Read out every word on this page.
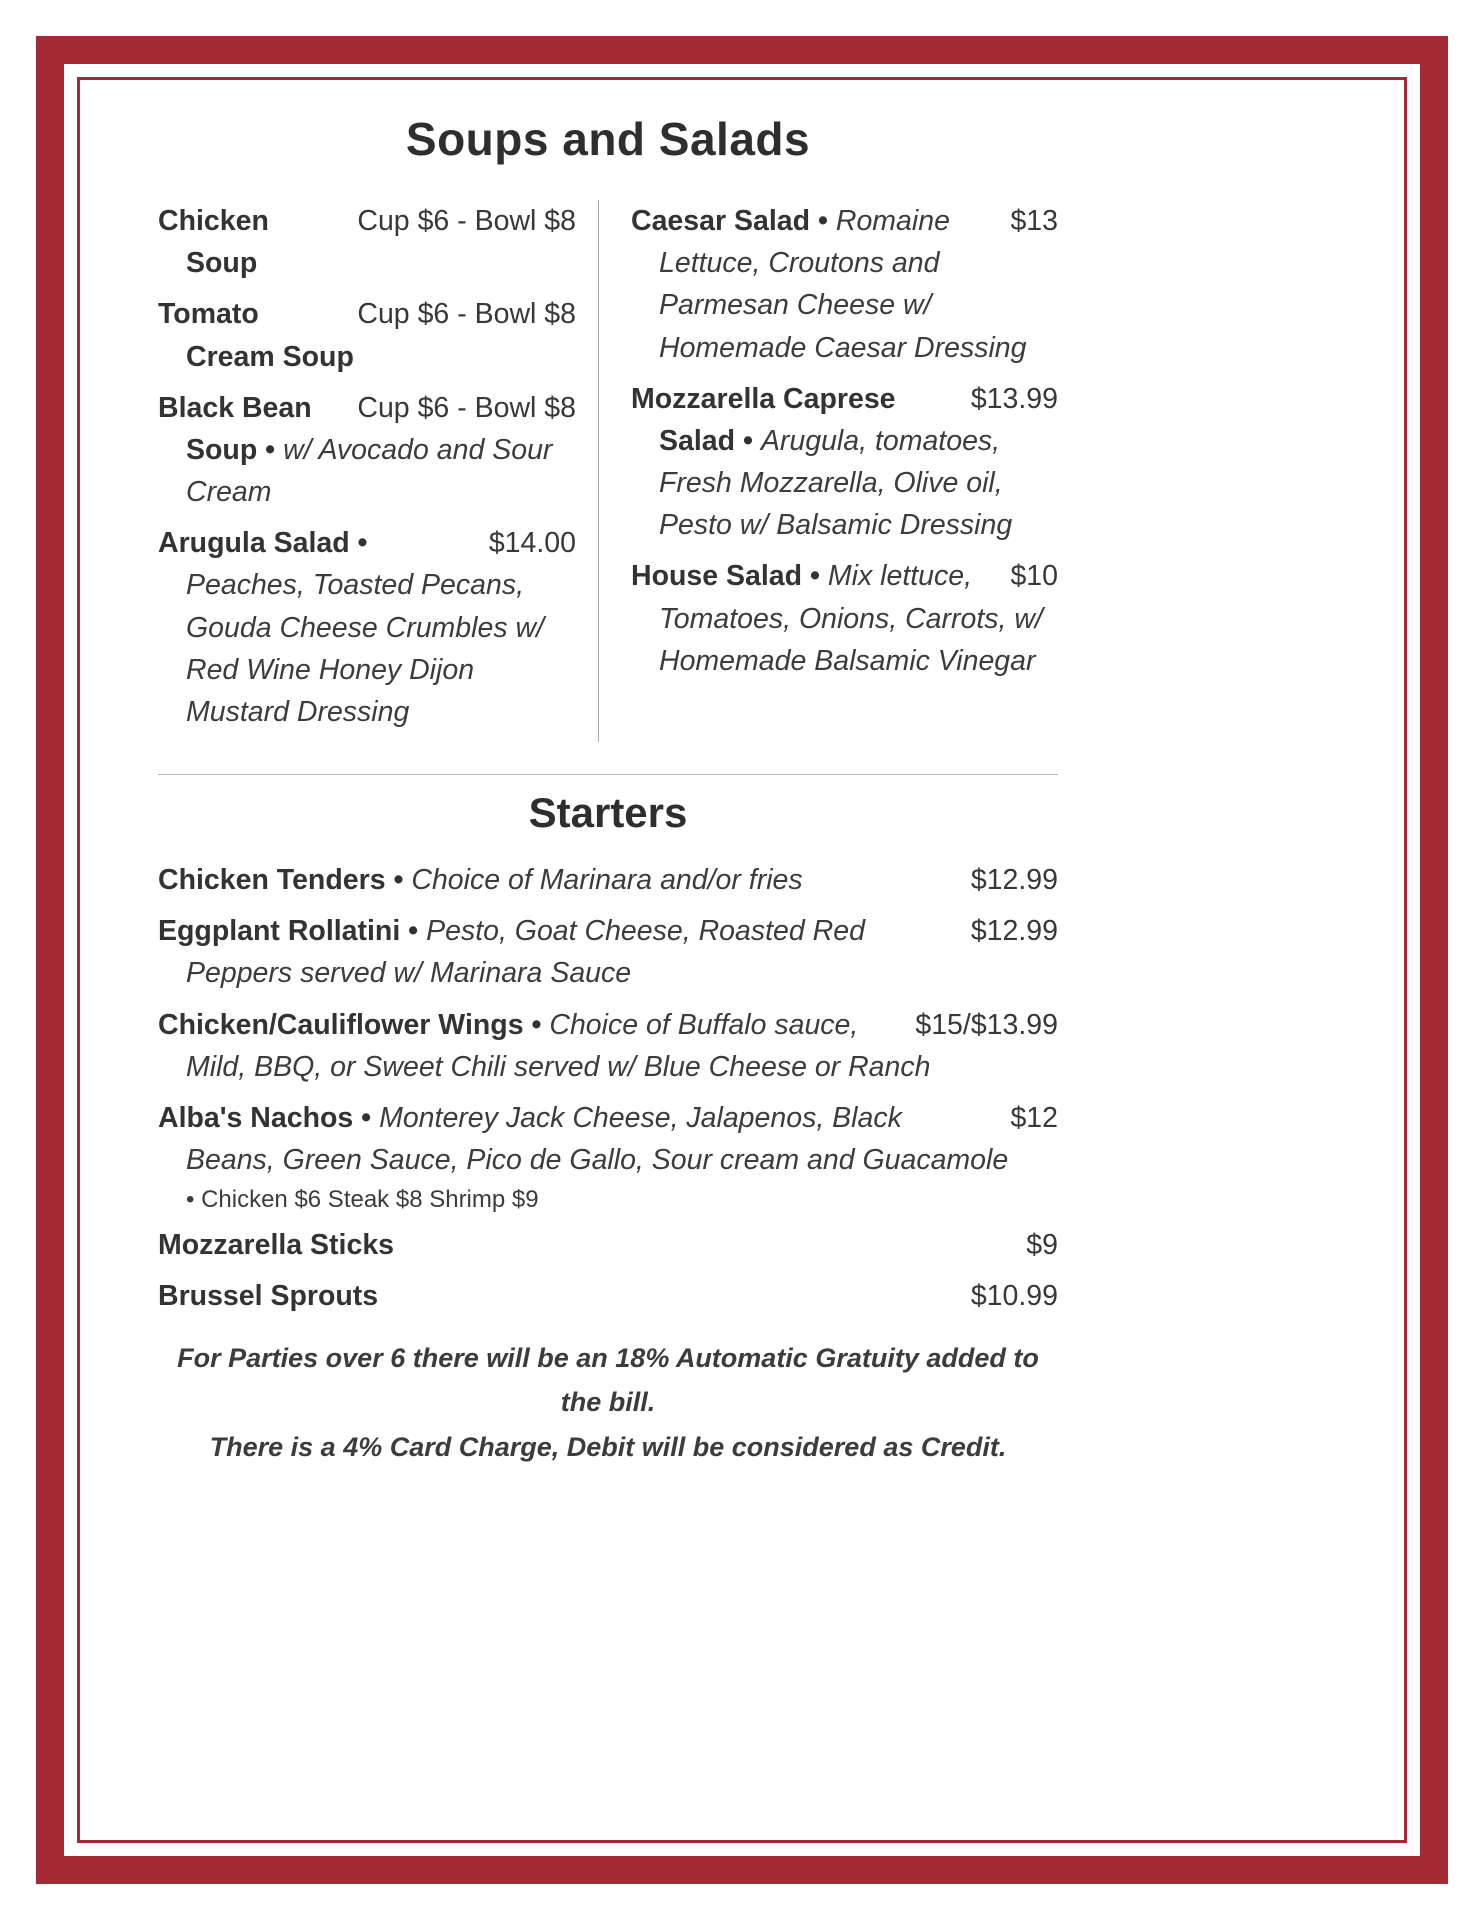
Soups and Salads

Cup $6 - Bowl $8
Chicken Soup

Cup $6 - Bowl $8
Tomato Cream Soup

Cup $6 - Bowl $8
Black Bean Soup • w/ Avocado and Sour Cream

$14.00
Arugula Salad • Peaches, Toasted Pecans, Gouda Cheese Crumbles w/ Red Wine Honey Dijon Mustard Dressing

$13
Caesar Salad • Romaine Lettuce, Croutons and Parmesan Cheese w/ Homemade Caesar Dressing

$13.99
Mozzarella Caprese Salad • Arugula, tomatoes, Fresh Mozzarella, Olive oil, Pesto w/ Balsamic Dressing

$10
House Salad • Mix lettuce, Tomatoes, Onions, Carrots, w/ Homemade Balsamic Vinegar

Starters

$12.99
Chicken Tenders • Choice of Marinara and/or fries

$12.99
Eggplant Rollatini • Pesto, Goat Cheese, Roasted Red Peppers served w/ Marinara Sauce

$15/$13.99
Chicken/Cauliflower Wings • Choice of Buffalo sauce, Mild, BBQ, or Sweet Chili served w/ Blue Cheese or Ranch

$12
Alba's Nachos • Monterey Jack Cheese, Jalapenos, Black Beans, Green Sauce, Pico de Gallo, Sour cream and Guacamole

• Chicken $6 Steak $8 Shrimp $9

$9
Mozzarella Sticks

$10.99
Brussel Sprouts

For Parties over 6 there will be an 18% Automatic Gratuity added to the bill.
There is a 4% Card Charge, Debit will be considered as Credit.
